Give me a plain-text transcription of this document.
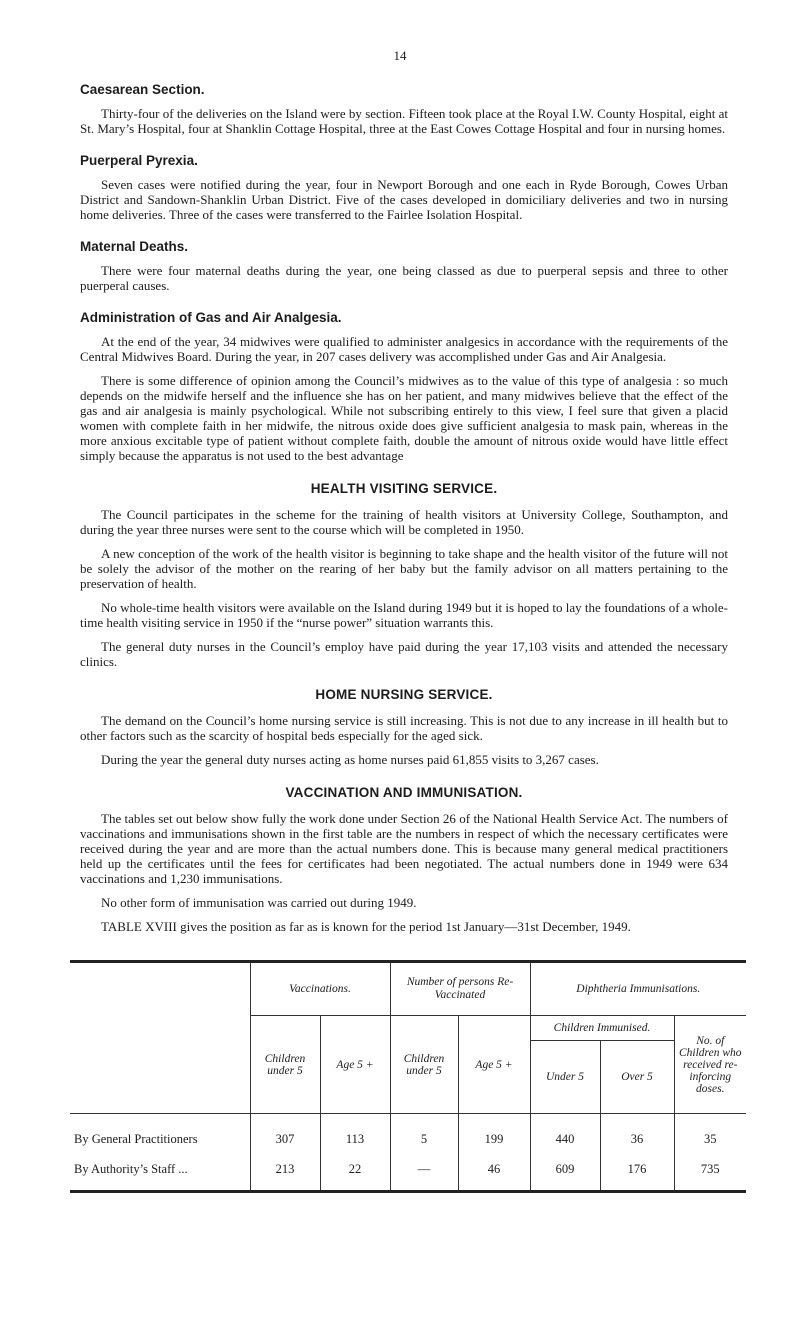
14
Caesarean Section.

Thirty-four of the deliveries on the Island were by section. Fifteen took place at the Royal I.W. County Hospital, eight at St. Mary’s Hospital, four at Shanklin Cottage Hospital, three at the East Cowes Cottage Hospital and four in nursing homes.

Puerperal Pyrexia.

Seven cases were notified during the year, four in Newport Borough and one each in Ryde Borough, Cowes Urban District and Sandown-Shanklin Urban District. Five of the cases developed in domiciliary deliveries and two in nursing home deliveries. Three of the cases were transferred to the Fairlee Isolation Hospital.

Maternal Deaths.

There were four maternal deaths during the year, one being classed as due to puerperal sepsis and three to other puerperal causes.

Administration of Gas and Air Analgesia.

At the end of the year, 34 midwives were qualified to administer analgesics in accordance with the requirements of the Central Midwives Board. During the year, in 207 cases delivery was accomplished under Gas and Air Analgesia.

There is some difference of opinion among the Council’s midwives as to the value of this type of analgesia : so much depends on the midwife herself and the influence she has on her patient, and many midwives believe that the effect of the gas and air analgesia is mainly psychological. While not subscribing entirely to this view, I feel sure that given a placid women with complete faith in her midwife, the nitrous oxide does give sufficient analgesia to mask pain, whereas in the more anxious excitable type of patient without complete faith, double the amount of nitrous oxide would have little effect simply because the apparatus is not used to the best advantage

HEALTH VISITING SERVICE.

The Council participates in the scheme for the training of health visitors at University College, Southampton, and during the year three nurses were sent to the course which will be completed in 1950.

A new conception of the work of the health visitor is beginning to take shape and the health visitor of the future will not be solely the advisor of the mother on the rearing of her baby but the family advisor on all matters pertaining to the preservation of health.

No whole-time health visitors were available on the Island during 1949 but it is hoped to lay the foundations of a whole-time health visiting service in 1950 if the “nurse power” situation warrants this.

The general duty nurses in the Council’s employ have paid during the year 17,103 visits and attended the necessary clinics.

HOME NURSING SERVICE.

The demand on the Council’s home nursing service is still increasing. This is not due to any increase in ill health but to other factors such as the scarcity of hospital beds especially for the aged sick.

During the year the general duty nurses acting as home nurses paid 61,855 visits to 3,267 cases.

VACCINATION AND IMMUNISATION.

The tables set out below show fully the work done under Section 26 of the National Health Service Act. The numbers of vaccinations and immunisations shown in the first table are the numbers in respect of which the necessary certificates were received during the year and are more than the actual numbers done. This is because many general medical practitioners held up the certificates until the fees for certificates had been negotiated. The actual numbers done in 1949 were 634 vaccinations and 1,230 immunisations.

No other form of immunisation was carried out during 1949.

TABLE XVIII gives the position as far as is known for the period 1st January—31st December, 1949.

	Vaccinations.		Number of persons Re-Vaccinated		Diphtheria Immunisations.		
	Children under 5	Age 5 +	Children under 5	Age 5 +	Children Immunised.		No. of Children who received re-inforcing doses.
					Under 5	Over 5	
By General Practitioners	307	113	5	199	440	36	35
By Authority’s Staff ...	213	22	—	46	609	176	735
